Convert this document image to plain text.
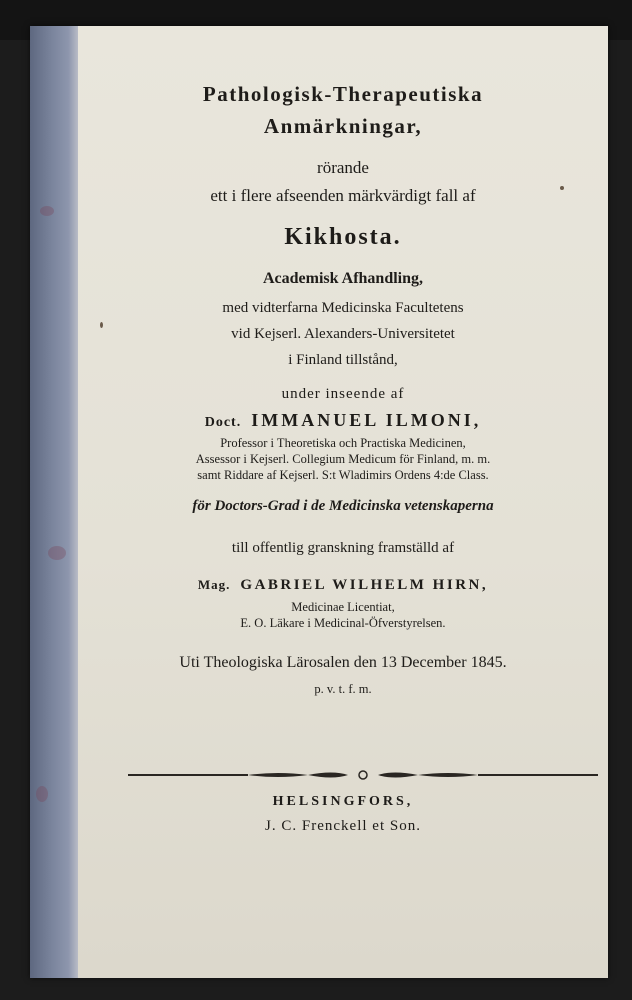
Pathologisk-Therapeutiska
Anmärkningar,
rörande
ett i flere afseenden märkvärdigt fall af
Kikhosta.
Academisk Afhandling,
med vidterfarna Medicinska Facultetens
vid Kejserl. Alexanders-Universitetet
i Finland tillstånd,
under inseende af
Doct. IMMANUEL ILMONI,
Professor i Theoretiska och Practiska Medicinen,
Assessor i Kejserl. Collegium Medicum för Finland, m. m.
samt Riddare af Kejserl. S:t Wladimirs Ordens 4:de Class.
för Doctors-Grad i de Medicinska vetenskaperna
till offentlig granskning framställd af
Mag. GABRIEL WILHELM HIRN,
Medicinae Licentiat,
E. O. Läkare i Medicinal-Öfverstyrelsen.
Uti Theologiska Lärosalen den 13 December 1845.
p. v. t. f. m.
HELSINGFORS,
J. C. Frenckell et Son.
